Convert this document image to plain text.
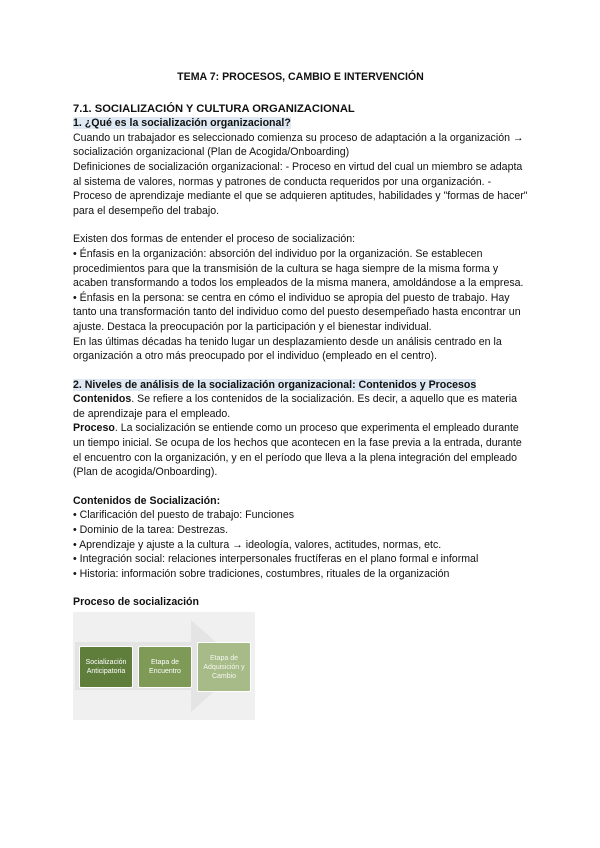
TEMA 7: PROCESOS, CAMBIO E INTERVENCIÓN

7.1. SOCIALIZACIÓN Y CULTURA ORGANIZACIONAL

1. ¿Qué es la socialización organizacional?

Cuando un trabajador es seleccionado comienza su proceso de adaptación a la organización → socialización organizacional (Plan de Acogida/Onboarding)

Definiciones de socialización organizacional: - Proceso en virtud del cual un miembro se adapta al sistema de valores, normas y patrones de conducta requeridos por una organización. - Proceso de aprendizaje mediante el que se adquieren aptitudes, habilidades y "formas de hacer" para el desempeño del trabajo.

Existen dos formas de entender el proceso de socialización:

• Énfasis en la organización: absorción del individuo por la organización. Se establecen procedimientos para que la transmisión de la cultura se haga siempre de la misma forma y acaben transformando a todos los empleados de la misma manera, amoldándose a la empresa.

• Énfasis en la persona: se centra en cómo el individuo se apropia del puesto de trabajo. Hay tanto una transformación tanto del individuo como del puesto desempeñado hasta encontrar un ajuste. Destaca la preocupación por la participación y el bienestar individual.

En las últimas décadas ha tenido lugar un desplazamiento desde un análisis centrado en la organización a otro más preocupado por el individuo (empleado en el centro).

2. Niveles de análisis de la socialización organizacional: Contenidos y Procesos

Contenidos. Se refiere a los contenidos de la socialización. Es decir, a aquello que es materia de aprendizaje para el empleado.

Proceso. La socialización se entiende como un proceso que experimenta el empleado durante un tiempo inicial. Se ocupa de los hechos que acontecen en la fase previa a la entrada, durante el encuentro con la organización, y en el período que lleva a la plena integración del empleado (Plan de acogida/Onboarding).

Contenidos de Socialización:

• Clarificación del puesto de trabajo: Funciones

• Dominio de la tarea: Destrezas.

• Aprendizaje y ajuste a la cultura → ideología, valores, actitudes, normas, etc.

• Integración social: relaciones interpersonales fructíferas en el plano formal e informal

• Historia: información sobre tradiciones, costumbres, rituales de la organización

Proceso de socialización

Socialización Anticipatoria
Etapa de Encuentro
Etapa de Adquisición y Cambio
